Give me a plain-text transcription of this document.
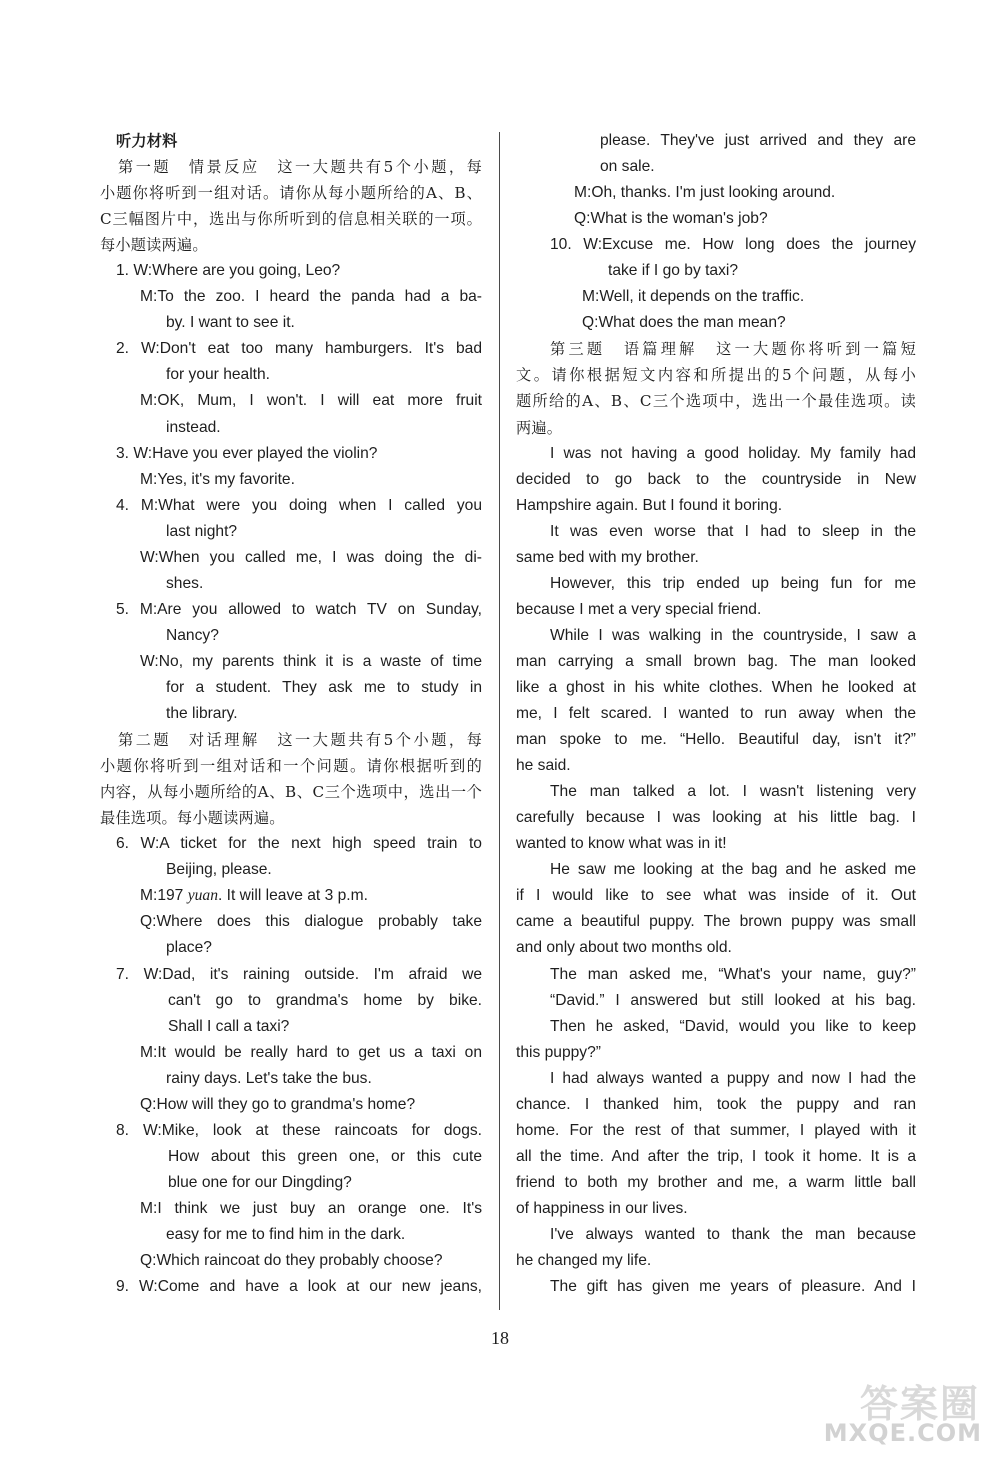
听力材料
第一题　情景反应　这一大题共有5个小题，每
小题你将听到一组对话。请你从每小题所给的A、B、
C三幅图片中，选出与你所听到的信息相关联的一项。
每小题读两遍。
1. W:Where are you going, Leo?
M:To the zoo. I heard the panda had a ba-
by. I want to see it.
2. W:Don't eat too many hamburgers. It's bad
for your health.
M:OK, Mum, I won't. I will eat more fruit
instead.
3. W:Have you ever played the violin?
M:Yes, it's my favorite.
4. M:What were you doing when I called you
last night?
W:When you called me, I was doing the di-
shes.
5. M:Are you allowed to watch TV on Sunday,
Nancy?
W:No, my parents think it is a waste of time
for a student. They ask me to study in
the library.
第二题　对话理解　这一大题共有5个小题，每
小题你将听到一组对话和一个问题。请你根据听到的
内容，从每小题所给的A、B、C三个选项中，选出一个
最佳选项。每小题读两遍。
6. W:A ticket for the next high speed train to
Beijing, please.
M:197 yuan. It will leave at 3 p.m.
Q:Where does this dialogue probably take
place?
7. W:Dad, it's raining outside. I'm afraid we
can't go to grandma's home by bike.
Shall I call a taxi?
M:It would be really hard to get us a taxi on
rainy days. Let's take the bus.
Q:How will they go to grandma's home?
8. W:Mike, look at these raincoats for dogs.
How about this green one, or this cute
blue one for our Dingding?
M:I think we just buy an orange one. It's
easy for me to find him in the dark.
Q:Which raincoat do they probably choose?
9. W:Come and have a look at our new jeans,
please. They've just arrived and they are
on sale.
M:Oh, thanks. I'm just looking around.
Q:What is the woman's job?
10. W:Excuse me. How long does the journey
take if I go by taxi?
M:Well, it depends on the traffic.
Q:What does the man mean?
第三题　语篇理解　这一大题你将听到一篇短
文。请你根据短文内容和所提出的5个问题，从每小
题所给的A、B、C三个选项中，选出一个最佳选项。读
两遍。
I was not having a good holiday. My family had
decided to go back to the countryside in New
Hampshire again. But I found it boring.
It was even worse that I had to sleep in the
same bed with my brother.
However, this trip ended up being fun for me
because I met a very special friend.
While I was walking in the countryside, I saw a
man carrying a small brown bag. The man looked
like a ghost in his white clothes. When he looked at
me, I felt scared. I wanted to run away when the
man spoke to me. “Hello. Beautiful day, isn't it?”
he said.
The man talked a lot. I wasn't listening very
carefully because I was looking at his little bag. I
wanted to know what was in it!
He saw me looking at the bag and he asked me
if I would like to see what was inside of it. Out
came a beautiful puppy. The brown puppy was small
and only about two months old.
The man asked me, “What's your name, guy?”
“David.” I answered but still looked at his bag.
Then he asked, “David, would you like to keep
this puppy?”
I had always wanted a puppy and now I had the
chance. I thanked him, took the puppy and ran
home. For the rest of that summer, I played with it
all the time. And after the trip, I took it home. It is a
friend to both my brother and me, a warm little ball
of happiness in our lives.
I've always wanted to thank the man because
he changed my life.
The gift has given me years of pleasure. And I
18
答案圈
MXQE.COM
